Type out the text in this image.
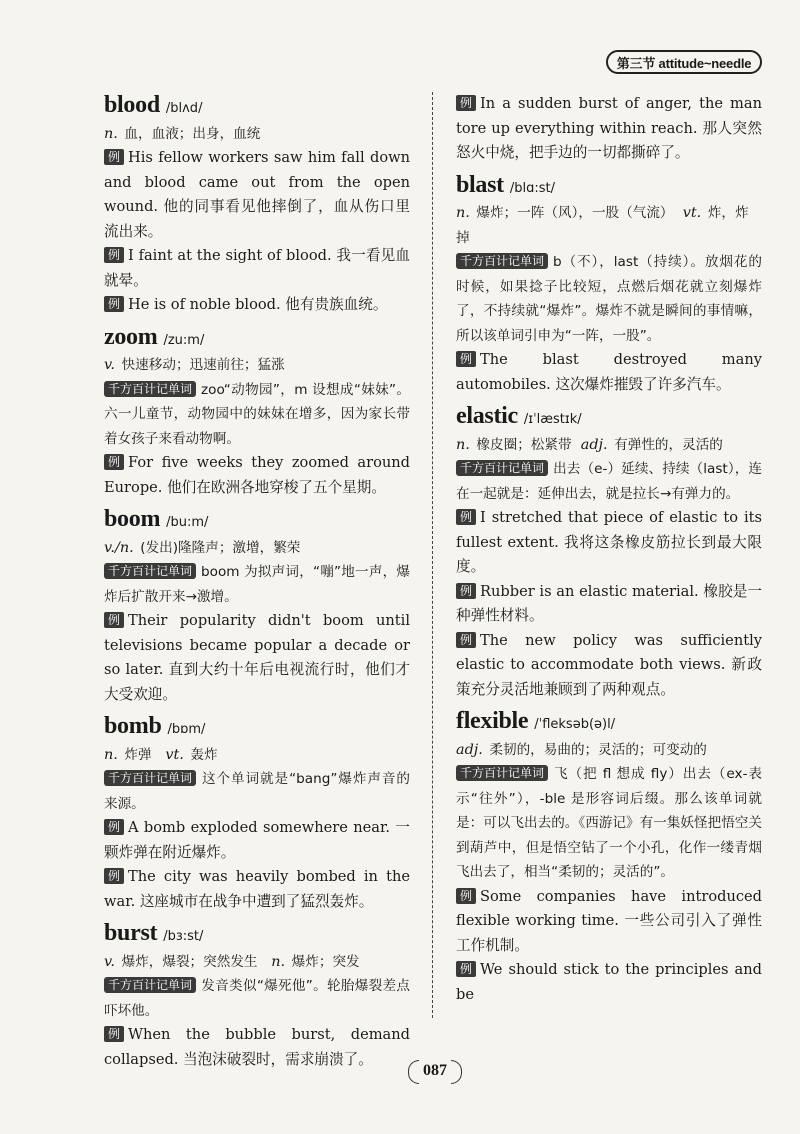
第三节 attitude~needle
blood /blʌd/
n. 血，血液；出身，血统
例 His fellow workers saw him fall down and blood came out from the open wound. 他的同事看见他摔倒了，血从伤口里流出来。
例 I faint at the sight of blood. 我一看见血就晕。
例 He is of noble blood. 他有贵族血统。
zoom /zu:m/
v. 快速移动；迅速前往；猛涨
千方百计记单词 zoo“动物园”，m 设想成“妹妹”。六一儿童节，动物园中的妹妹在增多，因为家长带着女孩子来看动物啊。
例 For five weeks they zoomed around Europe. 他们在欧洲各地穿梭了五个星期。
boom /bu:m/
v./n. (发出)隆隆声；激增，繁荣
千方百计记单词 boom 为拟声词，“嘣”地一声，爆炸后扩散开来→激增。
例 Their popularity didn't boom until televisions became popular a decade or so later. 直到大约十年后电视流行时，他们才大受欢迎。
bomb /bɒm/
n. 炸弹 vt. 轰炸
千方百计记单词 这个单词就是“bang”爆炸声音的来源。
例 A bomb exploded somewhere near. 一颗炸弹在附近爆炸。
例 The city was heavily bombed in the war. 这座城市在战争中遭到了猛烈轰炸。
burst /bɜ:st/
v. 爆炸，爆裂；突然发生 n. 爆炸；突发
千方百计记单词 发音类似“爆死他”。轮胎爆裂差点吓坏他。
例 When the bubble burst, demand collapsed. 当泡沫破裂时，需求崩溃了。
例 In a sudden burst of anger, the man tore up everything within reach. 那人突然怒火中烧，把手边的一切都撕碎了。
blast /blɑ:st/
n. 爆炸；一阵（风），一股（气流） vt. 炸，炸掉
千方百计记单词 b（不），last（持续）。放烟花的时候，如果捻子比较短，点燃后烟花就立刻爆炸了，不持续就“爆炸”。爆炸不就是瞬间的事情嘛，所以该单词引申为“一阵，一股”。
例 The blast destroyed many automobiles. 这次爆炸摧毁了许多汽车。
elastic /ɪˈlæstɪk/
n. 橡皮圈；松紧带 adj. 有弹性的，灵活的
千方百计记单词 出去（e-）延续、持续（last），连在一起就是：延伸出去，就是拉长→有弹力的。
例 I stretched that piece of elastic to its fullest extent. 我将这条橡皮筋拉长到最大限度。
例 Rubber is an elastic material. 橡胶是一种弹性材料。
例 The new policy was sufficiently elastic to accommodate both views. 新政策充分灵活地兼顾到了两种观点。
flexible /ˈfleksəb(ə)l/
adj. 柔韧的，易曲的；灵活的；可变动的
千方百计记单词 飞（把 fl 想成 fly）出去（ex-表示“往外”），-ble 是形容词后缀。那么该单词就是：可以飞出去的。《西游记》有一集妖怪把悟空关到葫芦中，但是悟空钻了一个小孔，化作一缕青烟飞出去了，相当“柔韧的；灵活的”。
例 Some companies have introduced flexible working time. 一些公司引入了弹性工作机制。
例 We should stick to the principles and be
087
